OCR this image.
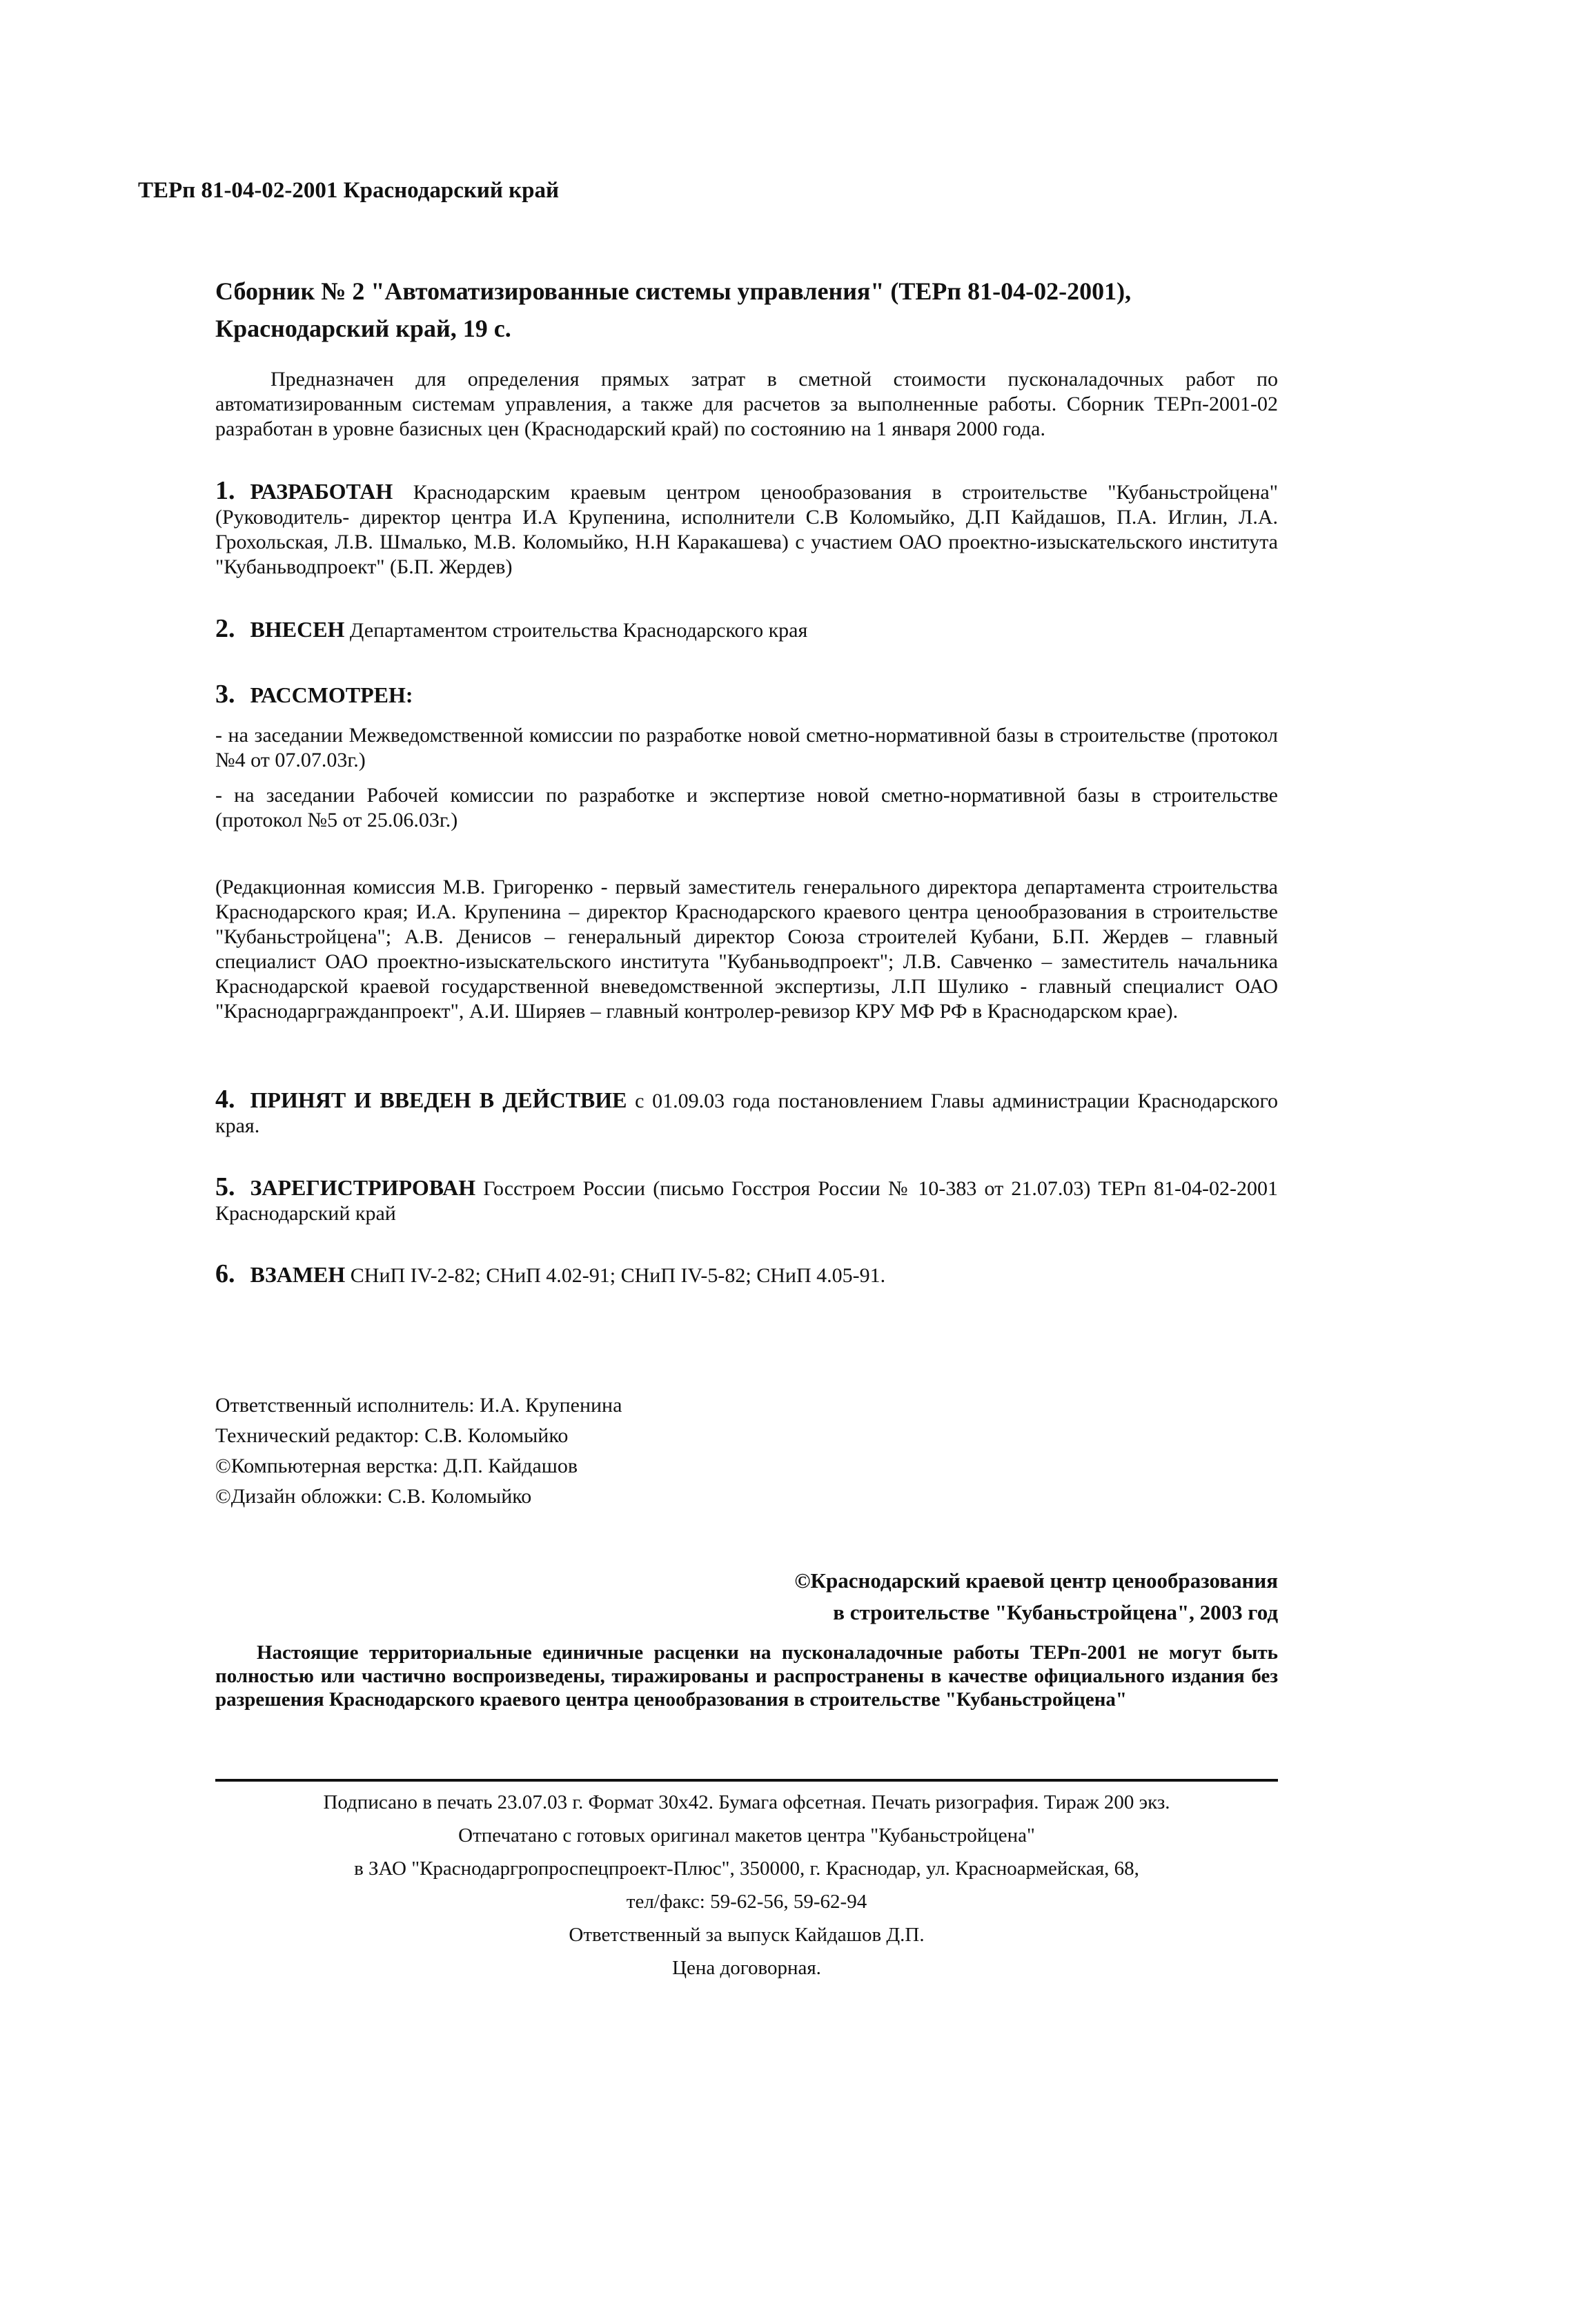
ТЕРп 81-04-02-2001 Краснодарский край
Сборник № 2 "Автоматизированные системы управления" (ТЕРп 81-04-02-2001),
Краснодарский край, 19 с.
Предназначен для определения прямых затрат в сметной стоимости пусконаладочных работ по автоматизированным системам управления, а также для расчетов за выполненные работы. Сборник ТЕРп-2001-02 разработан в уровне базисных цен (Краснодарский край) по состоянию на 1 января 2000 года.
1. РАЗРАБОТАН Краснодарским краевым центром ценообразования в строительстве "Кубаньстройцена" (Руководитель- директор центра И.А Крупенина, исполнители С.В Коломыйко, Д.П Кайдашов, П.А. Иглин, Л.А. Грохольская, Л.В. Шмалько, М.В. Коломыйко, Н.Н Каракашева) с участием ОАО проектно-изыскательского института "Кубаньводпроект" (Б.П. Жердев)
2. ВНЕСЕН Департаментом строительства Краснодарского края
3. РАССМОТРЕН:
- на заседании Межведомственной комиссии по разработке новой сметно-нормативной базы в строительстве (протокол №4 от 07.07.03г.)
- на заседании Рабочей комиссии по разработке и экспертизе новой сметно-нормативной базы в строительстве (протокол №5 от 25.06.03г.)
(Редакционная комиссия М.В. Григоренко - первый заместитель генерального директора департамента строительства Краснодарского края; И.А. Крупенина – директор Краснодарского краевого центра ценообразования в строительстве "Кубаньстройцена"; А.В. Денисов – генеральный директор Союза строителей Кубани, Б.П. Жердев – главный специалист ОАО проектно-изыскательского института "Кубаньводпроект"; Л.В. Савченко – заместитель начальника Краснодарской краевой государственной вневедомственной экспертизы, Л.П Шулико - главный специалист ОАО "Краснодаргражданпроект", А.И. Ширяев – главный контролер-ревизор КРУ МФ РФ в Краснодарском крае).
4. ПРИНЯТ И ВВЕДЕН В ДЕЙСТВИЕ с 01.09.03 года постановлением Главы администрации Краснодарского края.
5. ЗАРЕГИСТРИРОВАН Госстроем России (письмо Госстроя России № 10-383 от 21.07.03) ТЕРп 81-04-02-2001 Краснодарский край
6. ВЗАМЕН СНиП IV-2-82; СНиП 4.02-91; СНиП IV-5-82; СНиП 4.05-91.
Ответственный исполнитель: И.А. Крупенина
Технический редактор: С.В. Коломыйко
©Компьютерная верстка: Д.П. Кайдашов
©Дизайн обложки: С.В. Коломыйко
©Краснодарский краевой центр ценообразования
в строительстве "Кубаньстройцена", 2003 год
Настоящие территориальные единичные расценки на пусконаладочные работы ТЕРп-2001 не могут быть полностью или частично воспроизведены, тиражированы и распространены в качестве официального издания без разрешения Краснодарского краевого центра ценообразования в строительстве "Кубаньстройцена"
Подписано в печать 23.07.03 г. Формат 30x42. Бумага офсетная. Печать ризография. Тираж 200 экз.
Отпечатано с готовых оригинал макетов центра "Кубаньстройцена"
в ЗАО "Краснодаргропроспецпроект-Плюс", 350000, г. Краснодар, ул. Красноармейская, 68,
тел/факс: 59-62-56, 59-62-94
Ответственный за выпуск Кайдашов Д.П.
Цена договорная.
